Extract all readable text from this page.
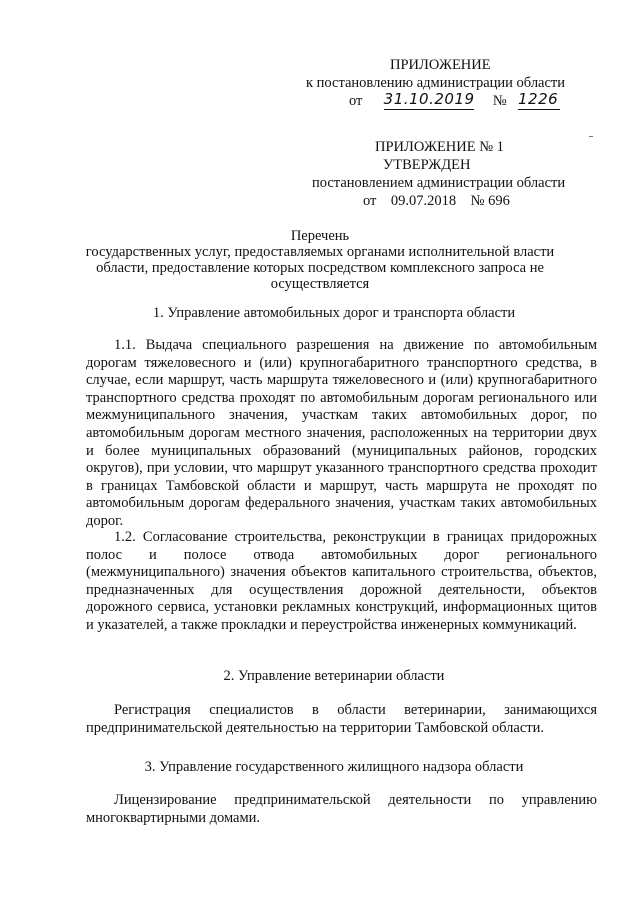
ПРИЛОЖЕНИЕ
к постановлению администрации области
от 31.10.2019 № 1226
ПРИЛОЖЕНИЕ № 1
УТВЕРЖДЕН
постановлением администрации области
от    09.07.2018    № 696
Перечень
государственных услуг, предоставляемых органами исполнительной власти
области, предоставление которых посредством комплексного запроса не
осуществляется
1. Управление автомобильных дорог и транспорта области
1.1. Выдача специального разрешения на движение по автомобильным дорогам тяжеловесного и (или) крупногабаритного транспортного средства, в случае, если маршрут, часть маршрута тяжеловесного и (или) крупногабаритного транспортного средства проходят по автомобильным дорогам регионального или межмуниципального значения, участкам таких автомобильных дорог, по автомобильным дорогам местного значения, расположенных на территории двух и более муниципальных образований (муниципальных районов, городских округов), при условии, что маршрут указанного транспортного средства проходит в границах Тамбовской области и маршрут, часть маршрута не проходят по автомобильным дорогам федерального значения, участкам таких автомобильных дорог.
1.2. Согласование строительства, реконструкции в границах придорожных полос и полосе отвода автомобильных дорог регионального (межмуниципального) значения объектов капитального строительства, объектов, предназначенных для осуществления дорожной деятельности, объектов дорожного сервиса, установки рекламных конструкций, информационных щитов и указателей, а также прокладки и переустройства инженерных коммуникаций.
2. Управление ветеринарии области
Регистрация специалистов в области ветеринарии, занимающихся предпринимательской деятельностью на территории Тамбовской области.
3. Управление государственного жилищного надзора области
Лицензирование предпринимательской деятельности по управлению многоквартирными домами.
